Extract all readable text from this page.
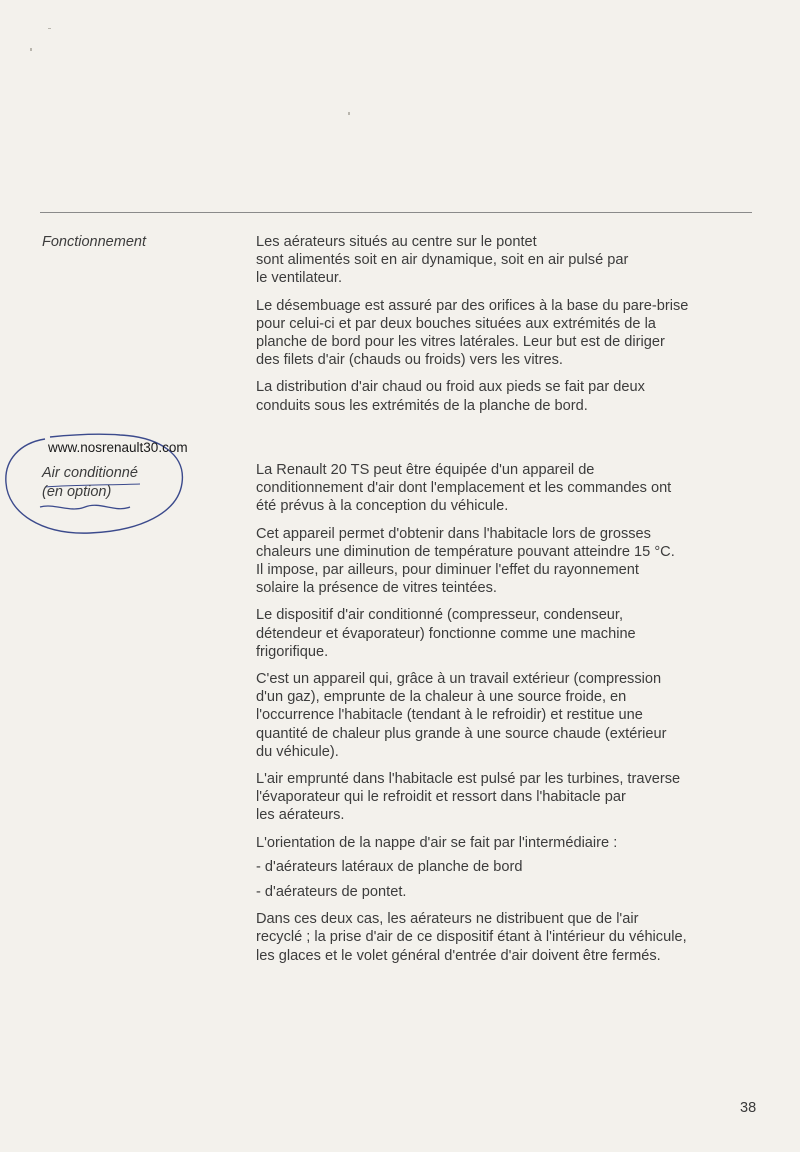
Fonctionnement	Les aérateurs situés au centre sur le pontet
sont alimentés soit en air dynamique, soit en air pulsé par
le ventilateur.

Le désembuage est assuré par des orifices à la base du pare-brise
pour celui-ci et par deux bouches situées aux extrémités de la
planche de bord pour les vitres latérales. Leur but est de diriger
des filets d'air (chauds ou froids) vers les vitres.

La distribution d'air chaud ou froid aux pieds se fait par deux
conduits sous les extrémités de la planche de bord.

www.nosrenault30.com
Air conditionné
(en option)

La Renault 20 TS peut être équipée d'un appareil de
conditionnement d'air dont l'emplacement et les commandes ont
été prévus à la conception du véhicule.

Cet appareil permet d'obtenir dans l'habitacle lors de grosses
chaleurs une diminution de température pouvant atteindre 15 °C.
Il impose, par ailleurs, pour diminuer l'effet du rayonnement
solaire la présence de vitres teintées.

Le dispositif d'air conditionné (compresseur, condenseur,
détendeur et évaporateur) fonctionne comme une machine
frigorifique.

C'est un appareil qui, grâce à un travail extérieur (compression
d'un gaz), emprunte de la chaleur à une source froide, en
l'occurrence l'habitacle (tendant à le refroidir) et restitue une
quantité de chaleur plus grande à une source chaude (extérieur
du véhicule).

L'air emprunté dans l'habitacle est pulsé par les turbines, traverse
l'évaporateur qui le refroidit et ressort dans l'habitacle par
les aérateurs.

L'orientation de la nappe d'air se fait par l'intermédiaire :

- d'aérateurs latéraux de planche de bord
- d'aérateurs de pontet.

Dans ces deux cas, les aérateurs ne distribuent que de l'air
recyclé ; la prise d'air de ce dispositif étant à l'intérieur du véhicule,
les glaces et le volet général d'entrée d'air doivent être fermés.

38
